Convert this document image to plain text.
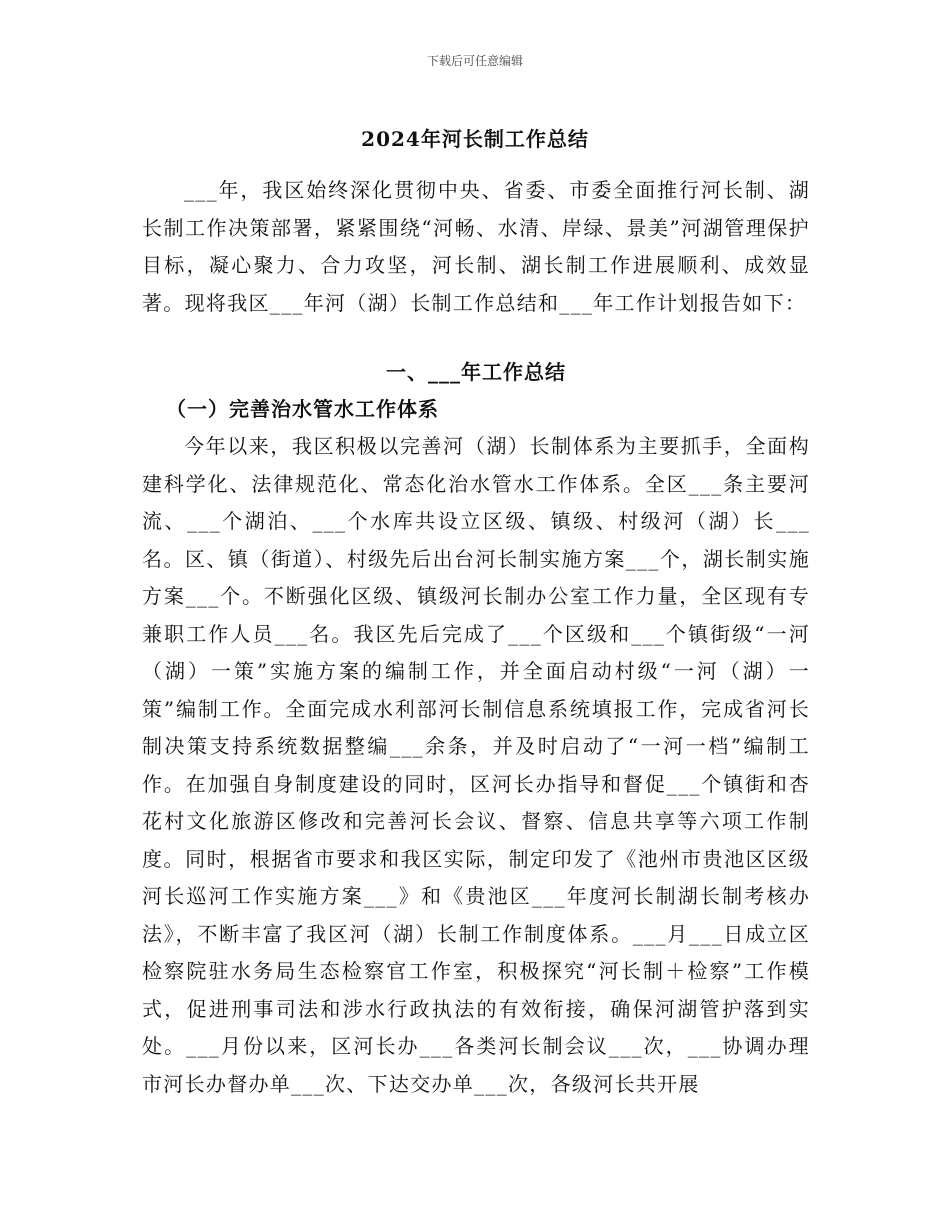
下载后可任意编辑
2024年河长制工作总结
___年，我区始终深化贯彻中央、省委、市委全面推行河长制、湖长制工作决策部署，紧紧围绕“河畅、水清、岸绿、景美”河湖管理保护目标，凝心聚力、合力攻坚，河长制、湖长制工作进展顺利、成效显著。现将我区___年河（湖）长制工作总结和___年工作计划报告如下：
一、___年工作总结
（一）完善治水管水工作体系
今年以来，我区积极以完善河（湖）长制体系为主要抓手，全面构建科学化、法律规范化、常态化治水管水工作体系。全区___条主要河流、___个湖泊、___个水库共设立区级、镇级、村级河（湖）长___名。区、镇（街道）、村级先后出台河长制实施方案___个，湖长制实施方案___个。不断强化区级、镇级河长制办公室工作力量，全区现有专兼职工作人员___名。我区先后完成了___个区级和___个镇街级“一河（湖）一策”实施方案的编制工作，并全面启动村级“一河（湖）一策”编制工作。全面完成水利部河长制信息系统填报工作，完成省河长制决策支持系统数据整编___余条，并及时启动了“一河一档”编制工作。在加强自身制度建设的同时，区河长办指导和督促___个镇街和杏花村文化旅游区修改和完善河长会议、督察、信息共享等六项工作制度。同时，根据省市要求和我区实际，制定印发了《池州市贵池区区级河长巡河工作实施方案___》和《贵池区___年度河长制湖长制考核办法》，不断丰富了我区河（湖）长制工作制度体系。___月___日成立区检察院驻水务局生态检察官工作室，积极探究“河长制＋检察”工作模式，促进刑事司法和涉水行政执法的有效衔接，确保河湖管护落到实处。___月份以来，区河长办___各类河长制会议___次，___协调办理市河长办督办单___次、下达交办单___次，各级河长共开展
